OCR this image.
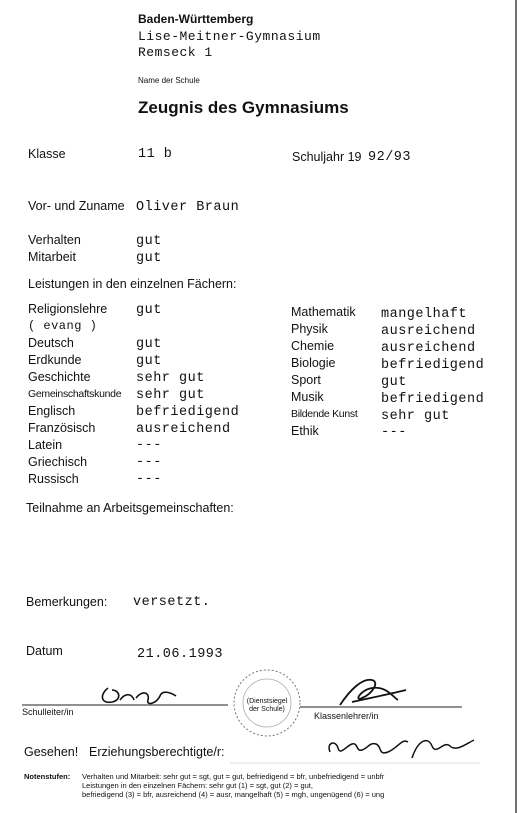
Baden-Württemberg
Lise-Meitner-Gymnasium
Remseck 1
Name der Schule
Zeugnis des Gymnasiums
Klasse	11 b	Schuljahr 19 92/93
Vor- und Zuname Oliver Braun
Verhalten	gut
Mitarbeit	gut
Leistungen in den einzelnen Fächern:
Religionslehre gut
( evang )
Deutsch	gut
Erdkunde	gut
Geschichte	sehr gut
Gemeinschaftskunde sehr gut
Englisch	befriedigend
Französisch	ausreichend
Latein	---
Griechisch	---
Russisch	---
Mathematik mangelhaft
Physik	ausreichend
Chemie	ausreichend
Biologie	befriedigend
Sport	gut
Musik	befriedigend
Bildende Kunst sehr gut
Ethik	---
Teilnahme an Arbeitsgemeinschaften:
Bemerkungen: versetzt.
Datum	21.06.1993
Schulleiter/in
(Dienstsiegel der Schule)
Klassenlehrer/in
Gesehen! Erziehungsberechtigte/r:
Notenstufen: Verhalten und Mitarbeit: sehr gut = sgt, gut = gut, befriedigend = bfr, unbefriedigend = unbfr
Leistungen in den einzelnen Fächern: sehr gut (1) = sgt, gut (2) = gut,
befriedigend (3) = bfr, ausreichend (4) = ausr, mangelhaft (5) = mgh, ungenügend (6) = ung
